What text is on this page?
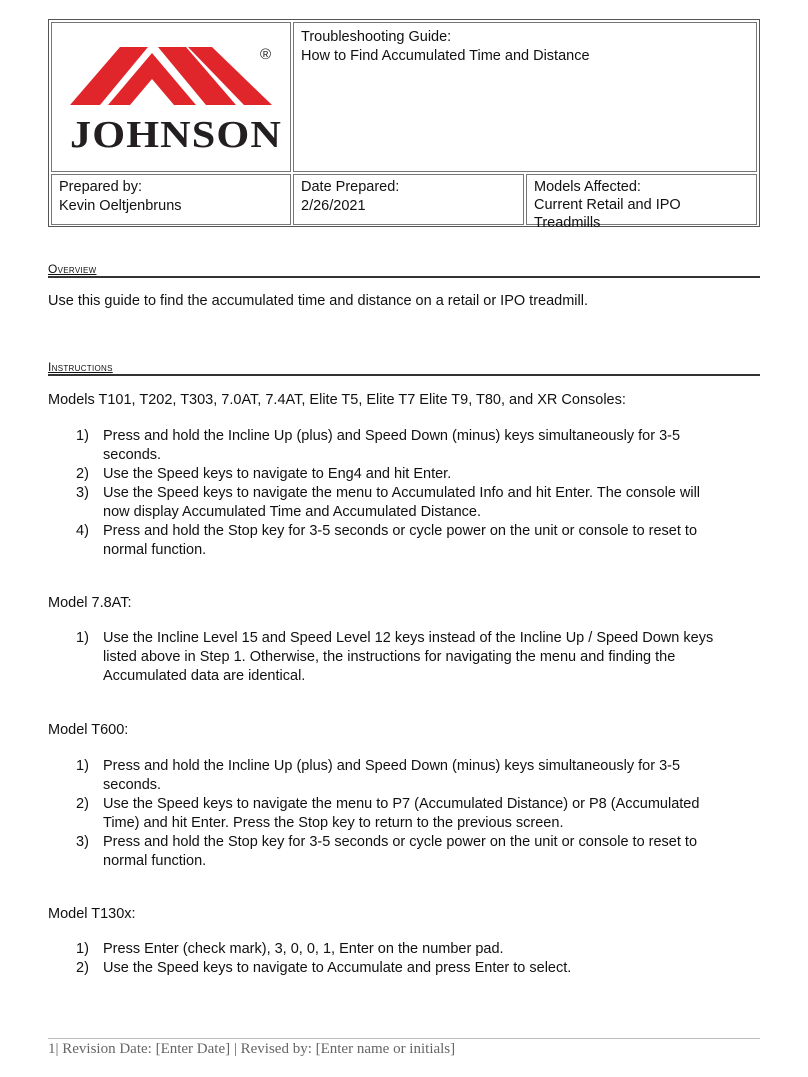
®
JOHNSON
Troubleshooting Guide:
How to Find Accumulated Time and Distance
Prepared by:
Kevin Oeltjenbruns
Date Prepared:
2/26/2021
Models Affected:
Current Retail and IPO
Treadmills
Overview
Use this guide to find the accumulated time and distance on a retail or IPO treadmill.
Instructions
Models T101, T202, T303, 7.0AT, 7.4AT, Elite T5, Elite T7 Elite T9, T80, and XR Consoles:
1) Press and hold the Incline Up (plus) and Speed Down (minus) keys simultaneously for 3-5
seconds.
2) Use the Speed keys to navigate to Eng4 and hit Enter.
3) Use the Speed keys to navigate the menu to Accumulated Info and hit Enter. The console will
now display Accumulated Time and Accumulated Distance.
4) Press and hold the Stop key for 3-5 seconds or cycle power on the unit or console to reset to
normal function.
Model 7.8AT:
1) Use the Incline Level 15 and Speed Level 12 keys instead of the Incline Up / Speed Down keys
listed above in Step 1. Otherwise, the instructions for navigating the menu and finding the
Accumulated data are identical.
Model T600:
1) Press and hold the Incline Up (plus) and Speed Down (minus) keys simultaneously for 3-5
seconds.
2) Use the Speed keys to navigate the menu to P7 (Accumulated Distance) or P8 (Accumulated
Time) and hit Enter. Press the Stop key to return to the previous screen.
3) Press and hold the Stop key for 3-5 seconds or cycle power on the unit or console to reset to
normal function.
Model T130x:
1) Press Enter (check mark), 3, 0, 0, 1, Enter on the number pad.
2) Use the Speed keys to navigate to Accumulate and press Enter to select.
1| Revision Date: [Enter Date] | Revised by: [Enter name or initials]
